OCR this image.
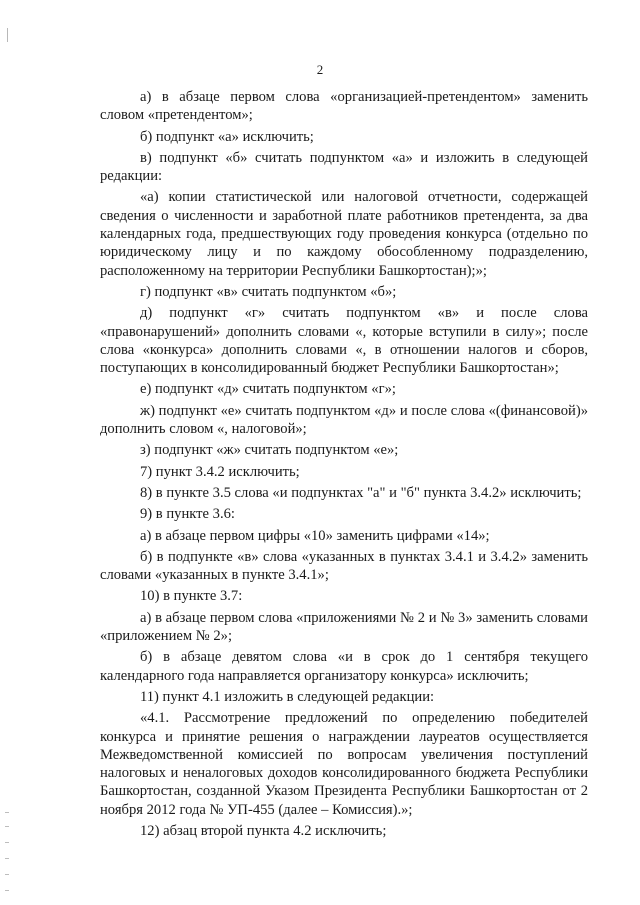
2

а) в абзаце первом слова «организацией-претендентом» заменить словом «претендентом»;

б) подпункт «а» исключить;

в) подпункт «б» считать подпунктом «а» и изложить в следующей редакции:

«а) копии статистической или налоговой отчетности, содержащей сведения о численности и заработной плате работников претендента, за два календарных года, предшествующих году проведения конкурса (отдельно по юридическому лицу и по каждому обособленному подразделению, расположенному на территории Республики Башкортостан);»;

г) подпункт «в» считать подпунктом «б»;

д) подпункт «г» считать подпунктом «в» и после слова «правонарушений» дополнить словами «, которые вступили в силу»; после слова «конкурса» дополнить словами «, в отношении налогов и сборов, поступающих в консолидированный бюджет Республики Башкортостан»;

е) подпункт «д» считать подпунктом «г»;

ж) подпункт «е» считать подпунктом «д» и после слова «(финансовой)» дополнить словом «, налоговой»;

з) подпункт «ж» считать подпунктом «е»;

7) пункт 3.4.2 исключить;

8) в пункте 3.5 слова «и подпунктах "а" и "б" пункта 3.4.2» исключить;

9) в пункте 3.6:

а) в абзаце первом цифры «10» заменить цифрами «14»;

б) в подпункте «в» слова «указанных в пунктах 3.4.1 и 3.4.2» заменить словами «указанных в пункте 3.4.1»;

10) в пункте 3.7:

а) в абзаце первом слова «приложениями № 2 и № 3» заменить словами «приложением № 2»;

б) в абзаце девятом слова «и в срок до 1 сентября текущего календарного года направляется организатору конкурса» исключить;

11) пункт 4.1 изложить в следующей редакции:

«4.1. Рассмотрение предложений по определению победителей конкурса и принятие решения о награждении лауреатов осуществляется Межведомственной комиссией по вопросам увеличения поступлений налоговых и неналоговых доходов консолидированного бюджета Республики Башкортостан, созданной Указом Президента Республики Башкортостан от 2 ноября 2012 года № УП-455 (далее – Комиссия).»;

12) абзац второй пункта 4.2 исключить;
